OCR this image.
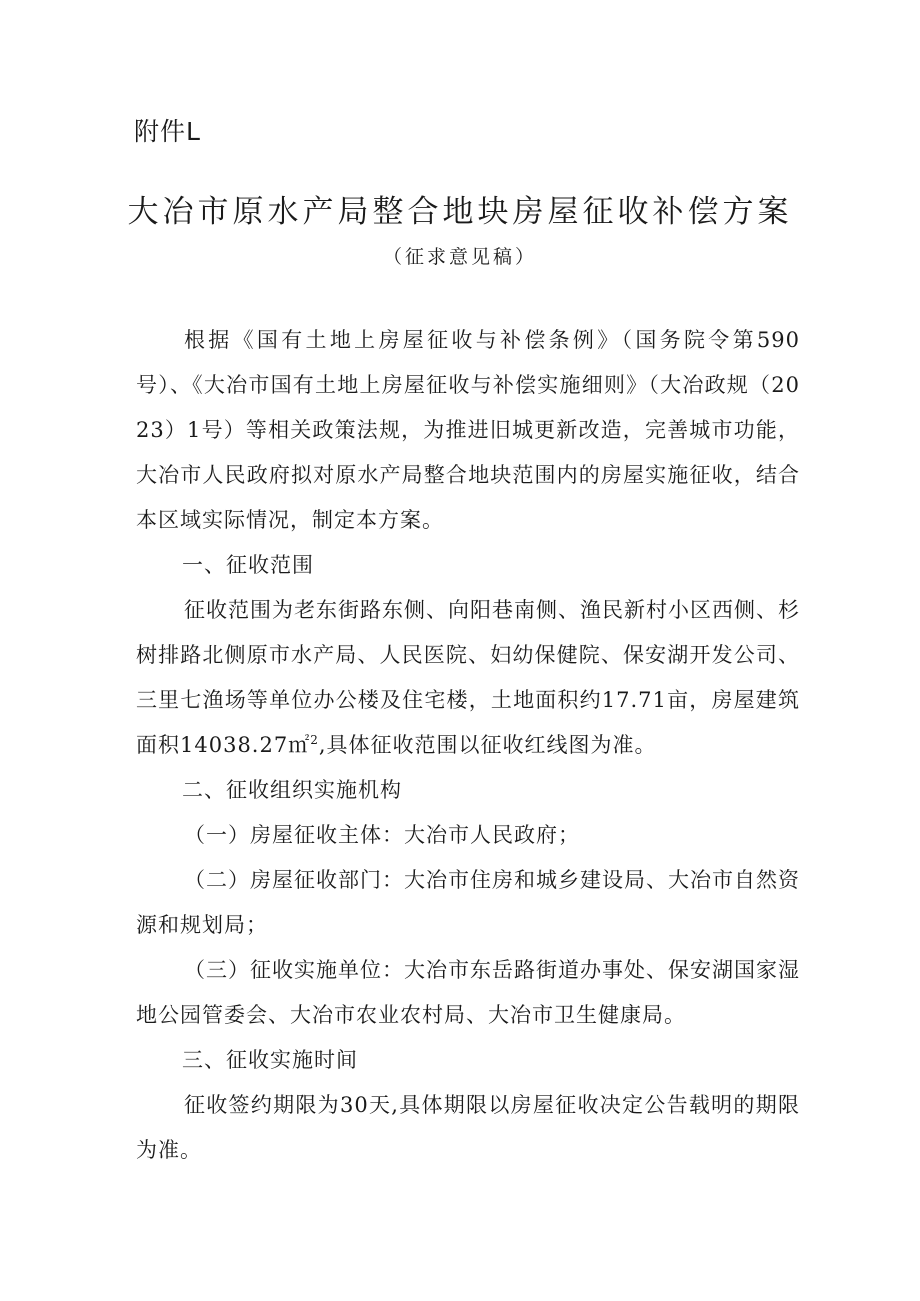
附件L
大冶市原水产局整合地块房屋征收补偿方案
（征求意见稿）

根据《国有土地上房屋征收与补偿条例》（国务院令第590号）、《大冶市国有土地上房屋征收与补偿实施细则》（大冶政规（2023）1号）等相关政策法规，为推进旧城更新改造，完善城市功能，大冶市人民政府拟对原水产局整合地块范围内的房屋实施征收，结合本区域实际情况，制定本方案。

一、征收范围

征收范围为老东街路东侧、向阳巷南侧、渔民新村小区西侧、杉树排路北侧原市水产局、人民医院、妇幼保健院、保安湖开发公司、三里七渔场等单位办公楼及住宅楼，土地面积约17.71亩，房屋建筑面积14038.27㎡$^2$,具体征收范围以征收红线图为准。

二、征收组织实施机构

（一）房屋征收主体：大冶市人民政府；

（二）房屋征收部门：大冶市住房和城乡建设局、大冶市自然资源和规划局；

（三）征收实施单位：大冶市东岳路街道办事处、保安湖国家湿地公园管委会、大冶市农业农村局、大冶市卫生健康局。

三、征收实施时间

征收签约期限为30天,具体期限以房屋征收决定公告载明的期限为准。
